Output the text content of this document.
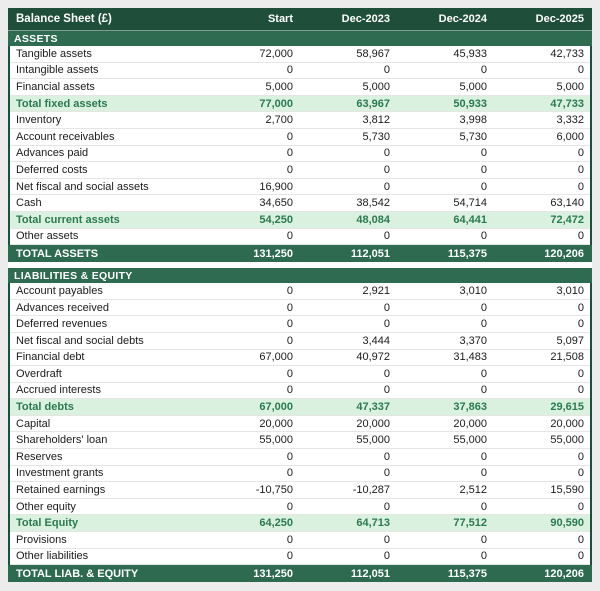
Balance Sheet (£)	Start	Dec-2023	Dec-2024	Dec-2025
ASSETS
Tangible assets	72,000	58,967	45,933	42,733
Intangible assets	0	0	0	0
Financial assets	5,000	5,000	5,000	5,000
Total fixed assets	77,000	63,967	50,933	47,733
Inventory	2,700	3,812	3,998	3,332
Account receivables	0	5,730	5,730	6,000
Advances paid	0	0	0	0
Deferred costs	0	0	0	0
Net fiscal and social assets	16,900	0	0	0
Cash	34,650	38,542	54,714	63,140
Total current assets	54,250	48,084	64,441	72,472
Other assets	0	0	0	0
TOTAL ASSETS	131,250	112,051	115,375	120,206
LIABILITIES & EQUITY
Account payables	0	2,921	3,010	3,010
Advances received	0	0	0	0
Deferred revenues	0	0	0	0
Net fiscal and social debts	0	3,444	3,370	5,097
Financial debt	67,000	40,972	31,483	21,508
Overdraft	0	0	0	0
Accrued interests	0	0	0	0
Total debts	67,000	47,337	37,863	29,615
Capital	20,000	20,000	20,000	20,000
Shareholders' loan	55,000	55,000	55,000	55,000
Reserves	0	0	0	0
Investment grants	0	0	0	0
Retained earnings	-10,750	-10,287	2,512	15,590
Other equity	0	0	0	0
Total Equity	64,250	64,713	77,512	90,590
Provisions	0	0	0	0
Other liabilities	0	0	0	0
TOTAL LIAB. & EQUITY	131,250	112,051	115,375	120,206
